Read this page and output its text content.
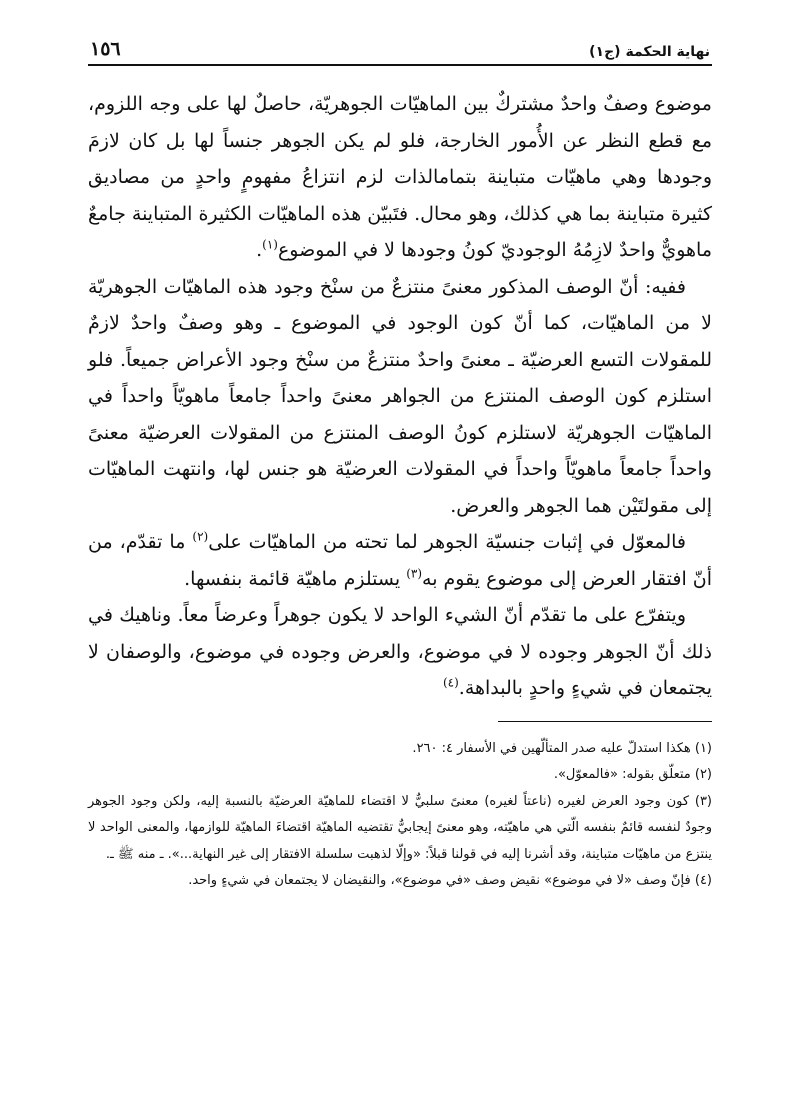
نهاية الحكمة (ج١)
١٥٦

موضوع وصفٌ واحدٌ مشتركٌ بين الماهيّات الجوهريّة، حاصلٌ لها على وجه اللزوم، مع قطع النظر عن الأُمور الخارجة، فلو لم يكن الجوهر جنساً لها بل كان لازمَ وجودها وهي ماهيّات متباينة بتمامالذات لزم انتزاعُ مفهومٍ واحدٍ من مصاديق كثيرة متباينة بما هي كذلك، وهو محال. فتَبيّن هذه الماهيّات الكثيرة المتباينة جامعٌ ماهويٌّ واحدٌ لازِمُهُ الوجوديّ كونُ وجودها لا في الموضوع$^{(١)}$.

ففيه: أنّ الوصف المذكور معنىً منتزعٌ من سنْخ وجود هذه الماهيّات الجوهريّة لا من الماهيّات، كما أنّ كون الوجود في الموضوع ـ وهو وصفٌ واحدٌ لازمٌ للمقولات التسع العرضيّة ـ معنىً واحدٌ منتزعٌ من سنْخ وجود الأعراض جميعاً. فلو استلزم كون الوصف المنتزع من الجواهر معنىً واحداً جامعاً ماهويّاً واحداً في الماهيّات الجوهريّة لاستلزم كونُ الوصف المنتزع من المقولات العرضيّة معنىً واحداً جامعاً ماهويّاً واحداً في المقولات العرضيّة هو جنس لها، وانتهت الماهيّات إلى مقولتَيْن هما الجوهر والعرض.

فالمعوّل في إثبات جنسيّة الجوهر لما تحته من الماهيّات على$^{(٢)}$ ما تقدّم، من أنّ افتقار العرض إلى موضوع يقوم به$^{(٣)}$ يستلزم ماهيّة قائمة بنفسها.

ويتفرّع على ما تقدّم أنّ الشيء الواحد لا يكون جوهراً وعرضاً معاً. وناهيك في ذلك أنّ الجوهر وجوده لا في موضوع، والعرض وجوده في موضوع، والوصفان لا يجتمعان في شيءٍ واحدٍ بالبداهة.$^{(٤)}$

(١) هكذا استدلّ عليه صدر المتألّهين في الأسفار ٤: ٢٦٠.

(٢) متعلّق بقوله: «فالمعوّل».

(٣) كون وجود العرض لغيره (ناعتاً لغيره) معنىً سلبيٌّ لا اقتضاء للماهيّة العرضيّة بالنسبة إليه، ولكن وجود الجوهر وجودٌ لنفسه قائمٌ بنفسه الّتي هي ماهيّته، وهو معنىً إيجابيٌّ تقتضيه الماهيّة اقتضاءَ الماهيّة للوازمها، والمعنى الواحد لا ينتزع من ماهيّات متباينة، وقد أشرنا إليه في قولنا قبلاً: «وإلّا لذهبت سلسلة الافتقار إلى غير النهاية...». ـ منه ﷺ ـ.

(٤) فإنّ وصف «لا في موضوع» نقيض وصف «في موضوع»، والنقيضان لا يجتمعان في شيءٍ واحد.
